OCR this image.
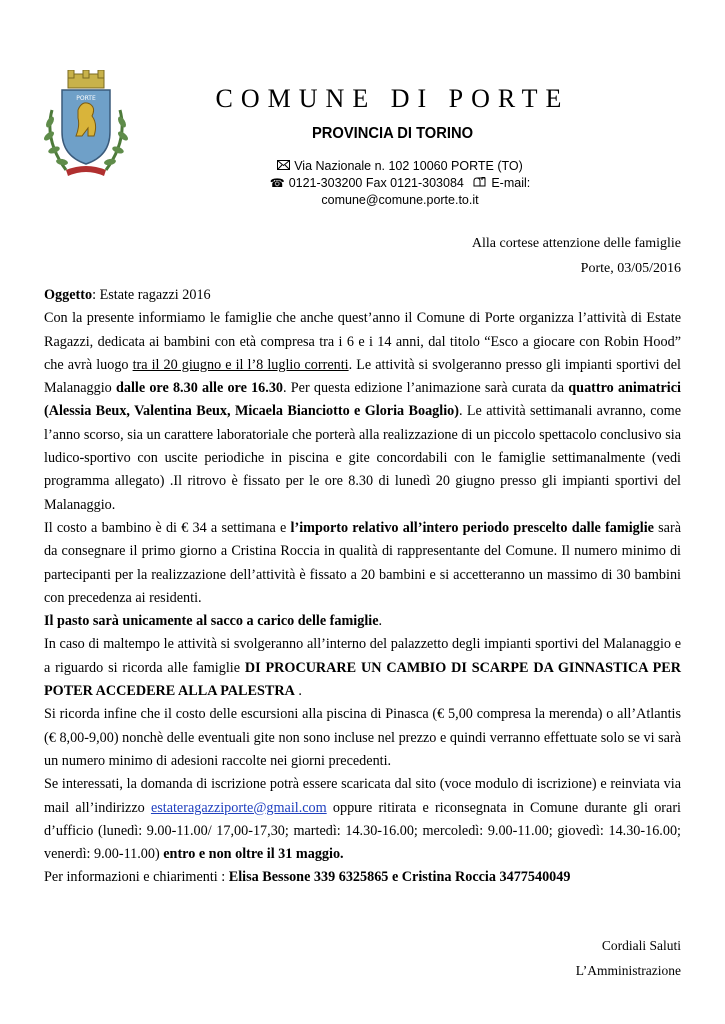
PORTE	COMUNE DI PORTE
PROVINCIA DI TORINO
Via Nazionale n. 102 10060 PORTE (TO)
☎ 0121-303200 Fax 0121-303084 E-mail:
comune@comune.porte.to.it
Alla cortese attenzione delle famiglie
Porte, 03/05/2016

Oggetto: Estate ragazzi 2016

Con la presente informiamo le famiglie che anche quest’anno il Comune di Porte organizza l’attività di Estate Ragazzi, dedicata ai bambini con età compresa tra i 6 e i 14 anni, dal titolo “Esco a giocare con Robin Hood” che avrà luogo tra il 20 giugno e il l’8 luglio correnti. Le attività si svolgeranno presso gli impianti sportivi del Malanaggio dalle ore 8.30 alle ore 16.30. Per questa edizione l’animazione sarà curata da quattro animatrici (Alessia Beux, Valentina Beux, Micaela Bianciotto e Gloria Boaglio). Le attività settimanali avranno, come l’anno scorso, sia un carattere laboratoriale che porterà alla realizzazione di un piccolo spettacolo conclusivo sia ludico-sportivo con uscite periodiche in piscina e gite concordabili con le famiglie settimanalmente (vedi programma allegato) .Il ritrovo è fissato per le ore 8.30 di lunedì 20 giugno presso gli impianti sportivi del Malanaggio.

Il costo a bambino è di € 34 a settimana e l’importo relativo all’intero periodo prescelto dalle famiglie sarà da consegnare il primo giorno a Cristina Roccia in qualità di rappresentante del Comune. Il numero minimo di partecipanti per la realizzazione dell’attività è fissato a 20 bambini e si accetteranno un massimo di 30 bambini con precedenza ai residenti.

Il pasto sarà unicamente al sacco a carico delle famiglie.

In caso di maltempo le attività si svolgeranno all’interno del palazzetto degli impianti sportivi del Malanaggio e a riguardo si ricorda alle famiglie DI PROCURARE UN CAMBIO DI SCARPE DA GINNASTICA PER POTER ACCEDERE ALLA PALESTRA .

Si ricorda infine che il costo delle escursioni alla piscina di Pinasca (€ 5,00 compresa la merenda) o all’Atlantis (€ 8,00-9,00) nonchè delle eventuali gite non sono incluse nel prezzo e quindi verranno effettuate solo se vi sarà un numero minimo di adesioni raccolte nei giorni precedenti.

Se interessati, la domanda di iscrizione potrà essere scaricata dal sito (voce modulo di iscrizione) e reinviata via mail all’indirizzo estateragazziporte@gmail.com oppure ritirata e riconsegnata in Comune durante gli orari d’ufficio (lunedì: 9.00-11.00/ 17,00-17,30; martedì: 14.30-16.00; mercoledì: 9.00-11.00; giovedì: 14.30-16.00; venerdì: 9.00-11.00) entro e non oltre il 31 maggio.

Per informazioni e chiarimenti : Elisa Bessone 339 6325865 e Cristina Roccia 3477540049

Cordiali Saluti
L’Amministrazione
